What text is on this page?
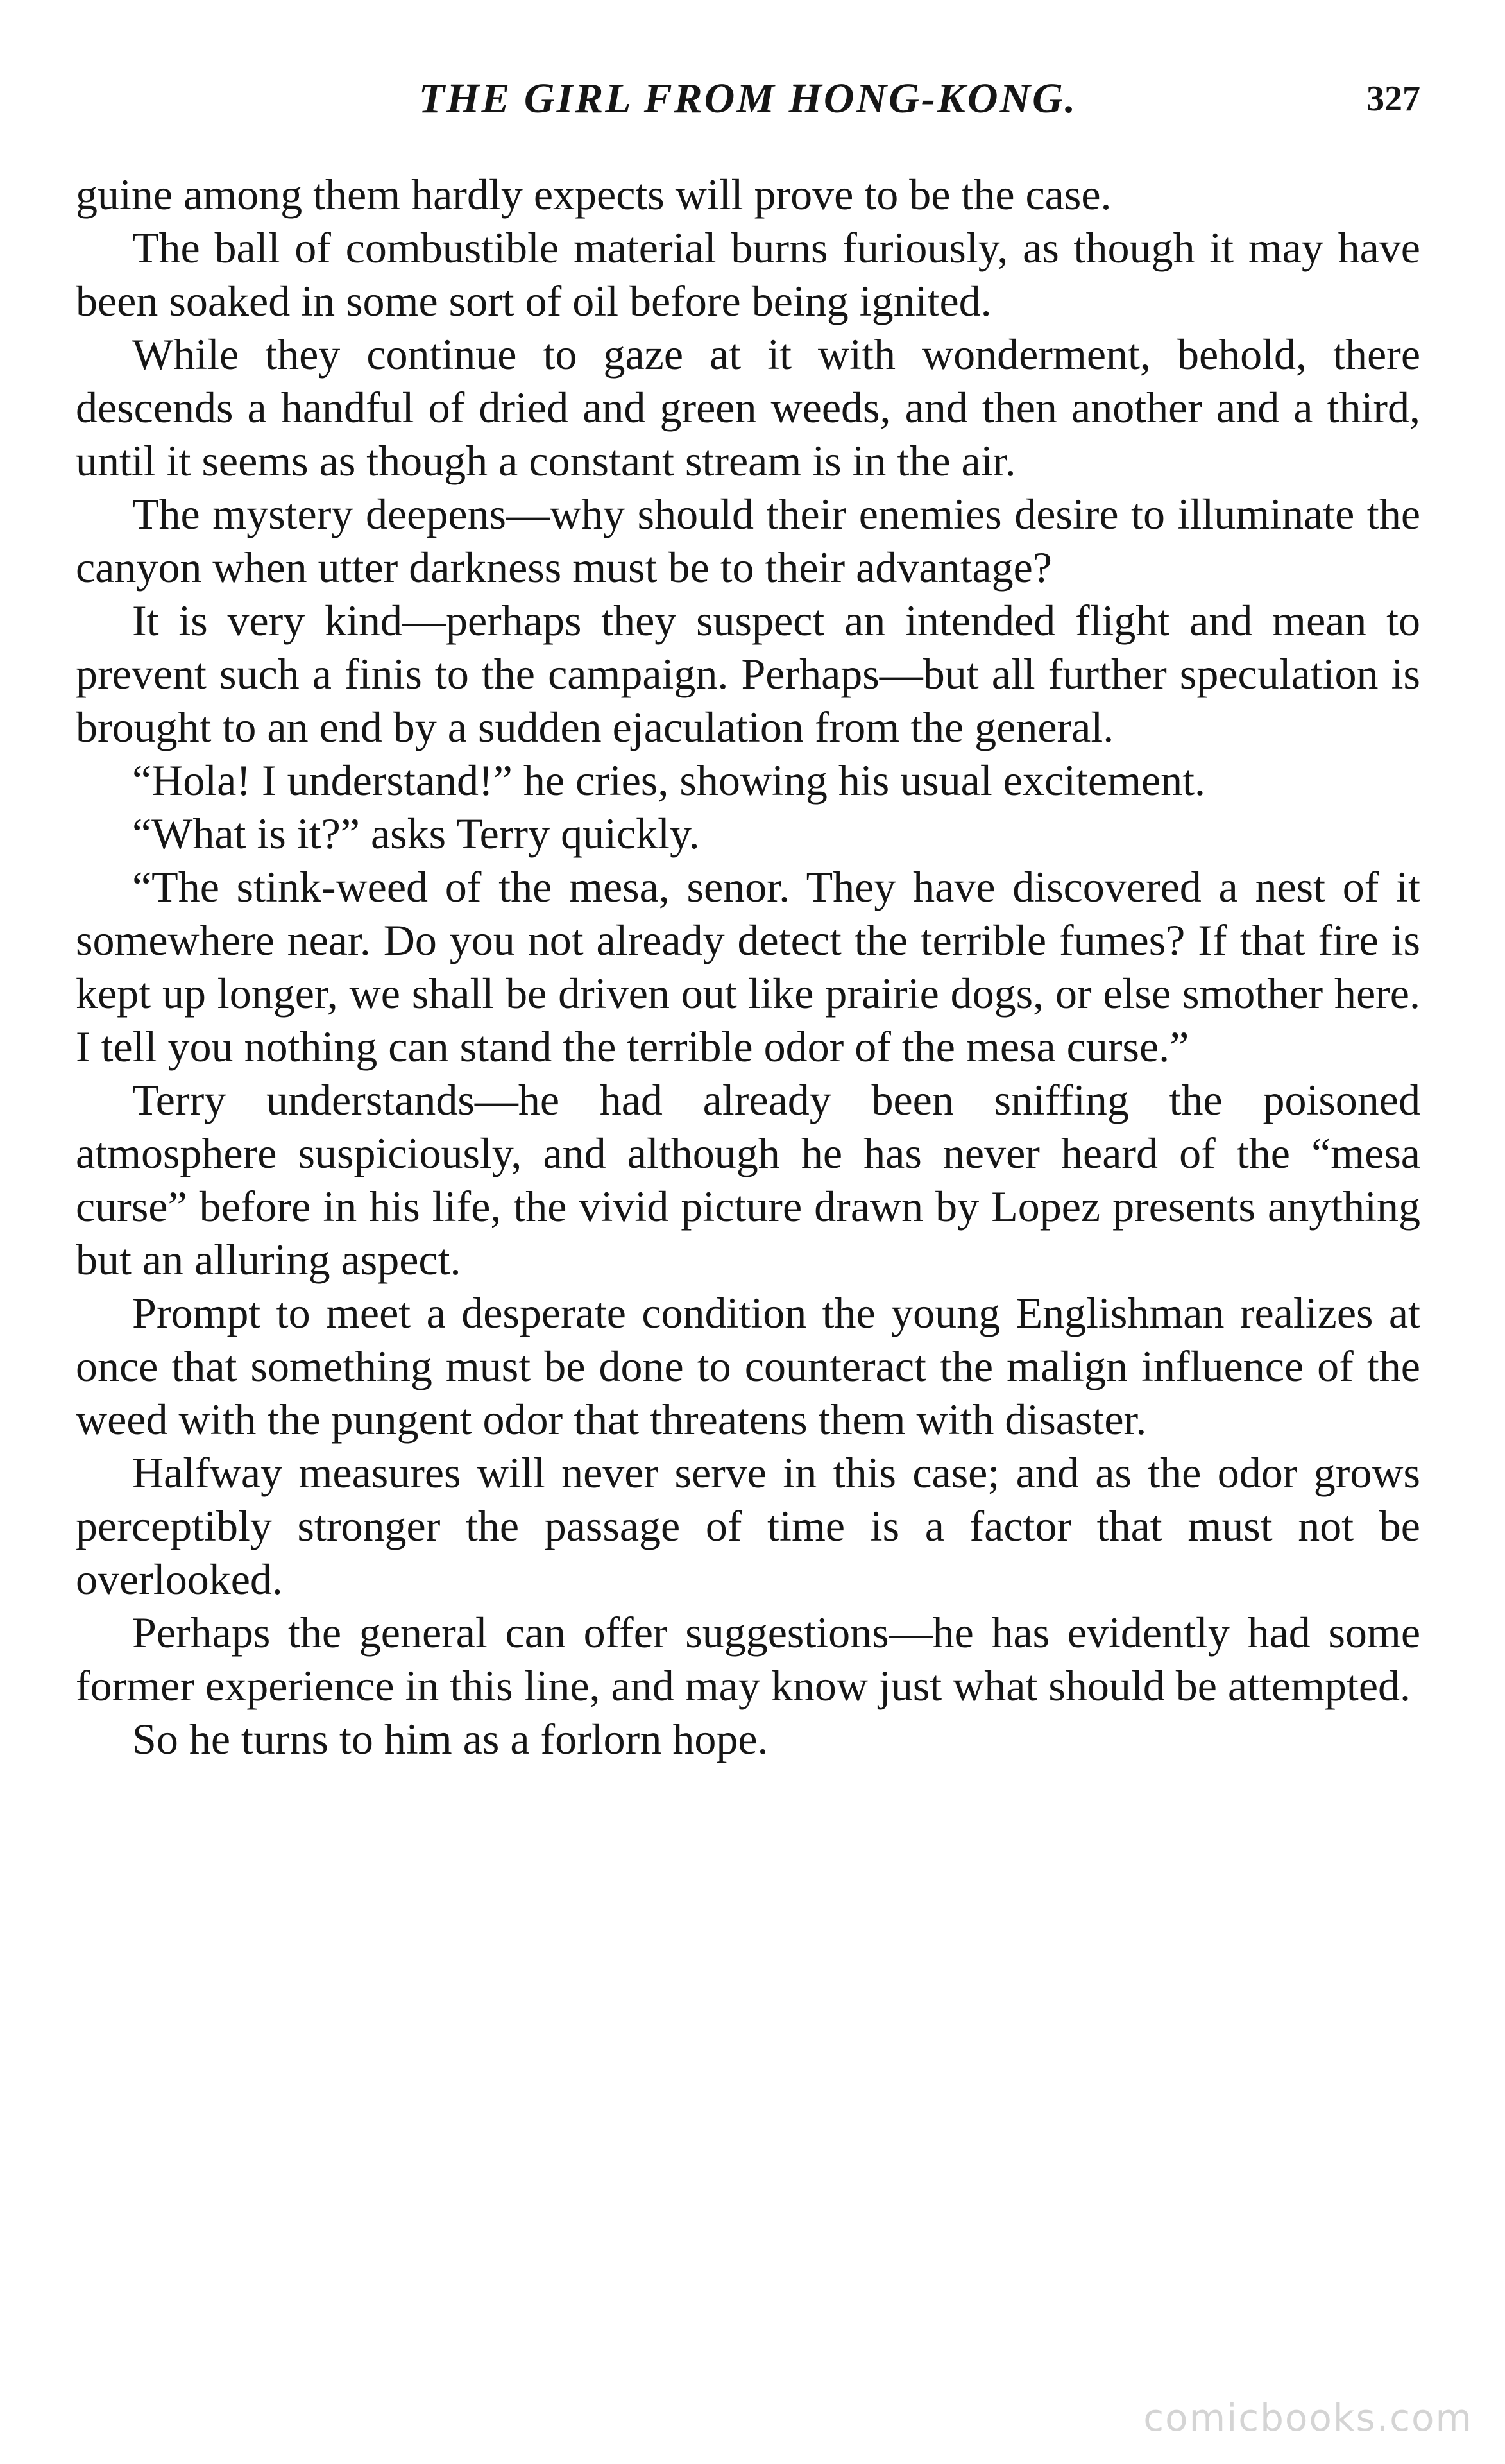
THE GIRL FROM HONG-KONG.	327

guine among them hardly expects will prove to be the case.

The ball of combustible material burns furiously, as though it may have been soaked in some sort of oil before being ignited.

While they continue to gaze at it with wonderment, behold, there descends a handful of dried and green weeds, and then another and a third, until it seems as though a constant stream is in the air.

The mystery deepens—why should their enemies desire to illuminate the canyon when utter darkness must be to their advantage?

It is very kind—perhaps they suspect an intended flight and mean to prevent such a finis to the campaign. Perhaps—but all further speculation is brought to an end by a sudden ejaculation from the general.

“Hola! I understand!” he cries, showing his usual excitement.

“What is it?” asks Terry quickly.

“The stink-weed of the mesa, senor. They have discovered a nest of it somewhere near. Do you not already detect the terrible fumes? If that fire is kept up longer, we shall be driven out like prairie dogs, or else smother here. I tell you nothing can stand the terrible odor of the mesa curse.”

Terry understands—he had already been sniffing the poisoned atmosphere suspiciously, and although he has never heard of the “mesa curse” before in his life, the vivid picture drawn by Lopez presents anything but an alluring aspect.

Prompt to meet a desperate condition the young Englishman realizes at once that something must be done to counteract the malign influence of the weed with the pungent odor that threatens them with disaster.

Halfway measures will never serve in this case; and as the odor grows perceptibly stronger the passage of time is a factor that must not be overlooked.

Perhaps the general can offer suggestions—he has evidently had some former experience in this line, and may know just what should be attempted.

So he turns to him as a forlorn hope.

comicbooks.com
